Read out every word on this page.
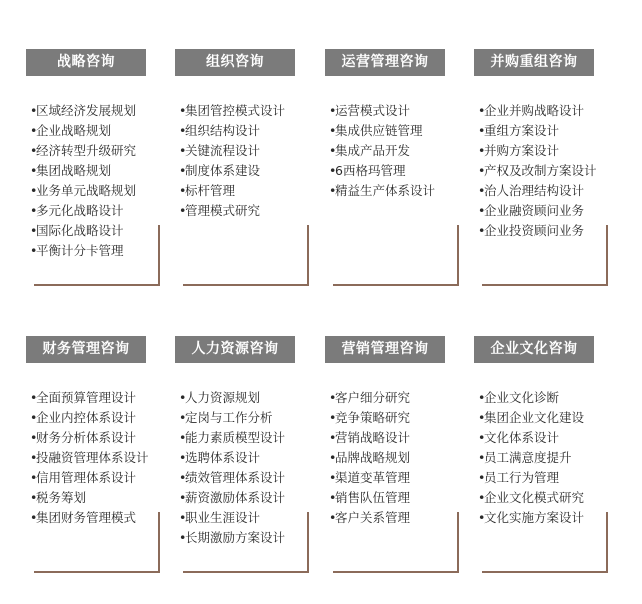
战略咨询
•区域经济发展规划
•企业战略规划
•经济转型升级研究
•集团战略规划
•业务单元战略规划
•多元化战略设计
•国际化战略设计
•平衡计分卡管理
组织咨询
•集团管控模式设计
•组织结构设计
•关键流程设计
•制度体系建设
•标杆管理
•管理模式研究
运营管理咨询
•运营模式设计
•集成供应链管理
•集成产品开发
•6西格玛管理
•精益生产体系设计
并购重组咨询
•企业并购战略设计
•重组方案设计
•并购方案设计
•产权及改制方案设计
•治人治理结构设计
•企业融资顾问业务
•企业投资顾问业务
财务管理咨询
•全面预算管理设计
•企业内控体系设计
•财务分析体系设计
•投融资管理体系设计
•信用管理体系设计
•税务筹划
•集团财务管理模式
人力资源咨询
•人力资源规划
•定岗与工作分析
•能力素质模型设计
•选聘体系设计
•绩效管理体系设计
•薪资激励体系设计
•职业生涯设计
•长期激励方案设计
营销管理咨询
•客户细分研究
•竞争策略研究
•营销战略设计
•品牌战略规划
•渠道变革管理
•销售队伍管理
•客户关系管理
企业文化咨询
•企业文化诊断
•集团企业文化建设
•文化体系设计
•员工满意度提升
•员工行为管理
•企业文化模式研究
•文化实施方案设计
